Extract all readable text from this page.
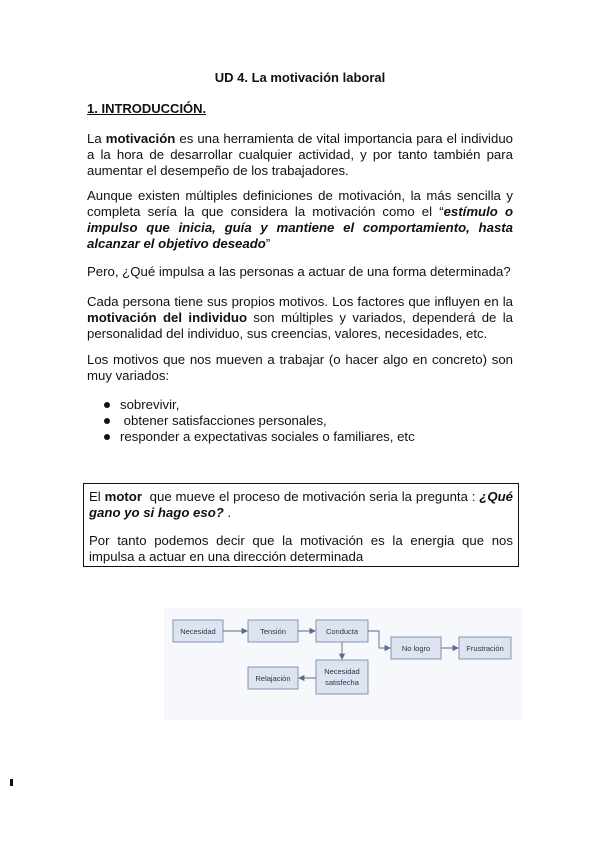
UD 4. La motivación laboral
1. INTRODUCCIÓN.

La motivación es una herramienta de vital importancia para el individuo a la hora de desarrollar cualquier actividad, y por tanto también para aumentar el desempeño de los trabajadores.

Aunque existen múltiples definiciones de motivación, la más sencilla y completa sería la que considera la motivación como el “estímulo o impulso que inicia, guía y mantiene el comportamiento, hasta alcanzar el objetivo deseado”

Pero, ¿Qué impulsa a las personas a actuar de una forma determinada?

Cada persona tiene sus propios motivos. Los factores que influyen en la motivación del individuo son múltiples y variados, dependerá de la personalidad del individuo, sus creencias, valores, necesidades, etc.

Los motivos que nos mueven a trabajar (o hacer algo en concreto) son muy variados:

sobrevivir,
obtener satisfacciones personales,
responder a expectativas sociales o familiares, etc

El motor  que mueve el proceso de motivación seria la pregunta : ¿Qué gano yo si hago eso? .

Por tanto podemos decir que la motivación es la energia que nos impulsa a actuar en una dirección determinada

Necesidad	Tensión	Conducta
No logro	Frustración
Necesidad
satisfecha
Relajación
